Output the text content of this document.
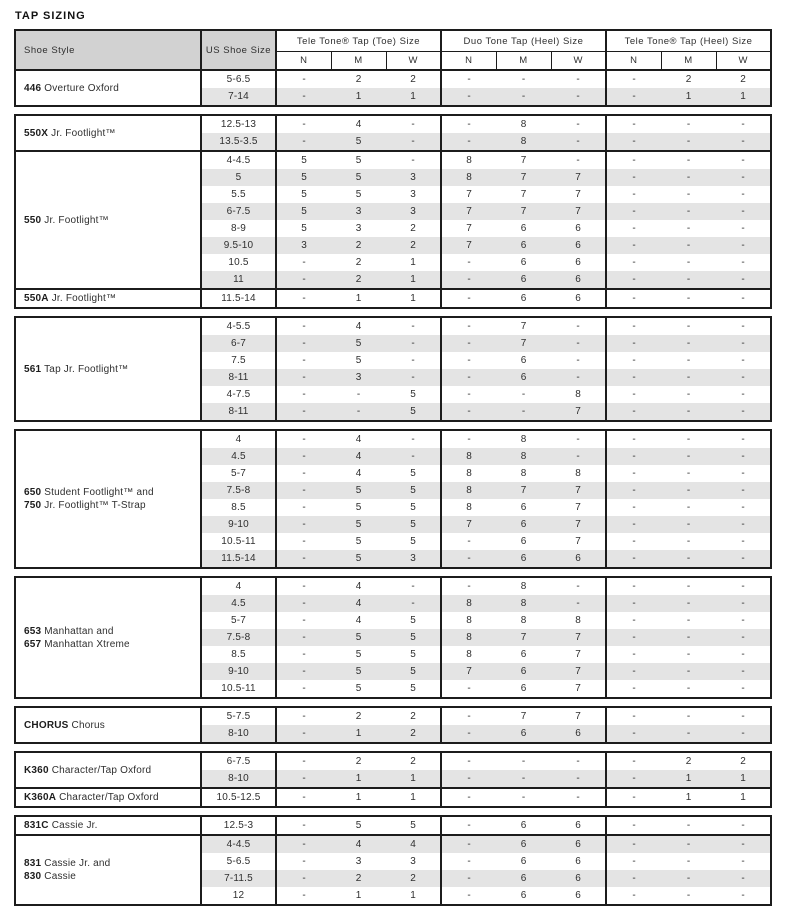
TAP SIZING
Shoe Style	US Shoe Size	Tele Tone® Tap (Toe) Size			Duo Tone Tap (Heel) Size			Tele Tone® Tap (Heel) Size		
		N	M	W	N	M	W	N	M	W

446 Overture Oxford	5-6.5	-	2	2	-	-	-	-	2	2
	7-14	-	1	1	-	-	-	-	1	1
550X Jr. Footlight™	12.5-13	-	4	-	-	8	-	-	-	-
	13.5-3.5	-	5	-	-	8	-	-	-	-

550 Jr. Footlight™	4-4.5	5	5	-	8	7	-	-	-	-
	5	5	5	3	8	7	7	-	-	-
	5.5	5	5	3	7	7	7	-	-	-
	6-7.5	5	3	3	7	7	7	-	-	-
	8-9	5	3	2	7	6	6	-	-	-
	9.5-10	3	2	2	7	6	6	-	-	-
	10.5	-	2	1	-	6	6	-	-	-
	11	-	2	1	-	6	6	-	-	-

550A Jr. Footlight™	11.5-14	-	1	1	-	6	6	-	-	-
561 Tap Jr. Footlight™	4-5.5	-	4	-	-	7	-	-	-	-
	6-7	-	5	-	-	7	-	-	-	-
	7.5	-	5	-	-	6	-	-	-	-
	8-11	-	3	-	-	6	-	-	-	-
	4-7.5	-	-	5	-	-	8	-	-	-
	8-11	-	-	5	-	-	7	-	-	-
650 Student Footlight™ and
750 Jr. Footlight™ T-Strap	4	-	4	-	-	8	-	-	-	-
	4.5	-	4	-	8	8	-	-	-	-
	5-7	-	4	5	8	8	8	-	-	-
	7.5-8	-	5	5	8	7	7	-	-	-
	8.5	-	5	5	8	6	7	-	-	-
	9-10	-	5	5	7	6	7	-	-	-
	10.5-11	-	5	5	-	6	7	-	-	-
	11.5-14	-	5	3	-	6	6	-	-	-
653 Manhattan and
657 Manhattan Xtreme	4	-	4	-	-	8	-	-	-	-
	4.5	-	4	-	8	8	-	-	-	-
	5-7	-	4	5	8	8	8	-	-	-
	7.5-8	-	5	5	8	7	7	-	-	-
	8.5	-	5	5	8	6	7	-	-	-
	9-10	-	5	5	7	6	7	-	-	-
	10.5-11	-	5	5	-	6	7	-	-	-
CHORUS Chorus	5-7.5	-	2	2	-	7	7	-	-	-
	8-10	-	1	2	-	6	6	-	-	-
K360 Character/Tap Oxford	6-7.5	-	2	2	-	-	-	-	2	2
	8-10	-	1	1	-	-	-	-	1	1

K360A Character/Tap Oxford	10.5-12.5	-	1	1	-	-	-	-	1	1
831C Cassie Jr.	12.5-3	-	5	5	-	6	6	-	-	-

831 Cassie Jr. and
830 Cassie	4-4.5	-	4	4	-	6	6	-	-	-
	5-6.5	-	3	3	-	6	6	-	-	-
	7-11.5	-	2	2	-	6	6	-	-	-
	12	-	1	1	-	6	6	-	-	-
